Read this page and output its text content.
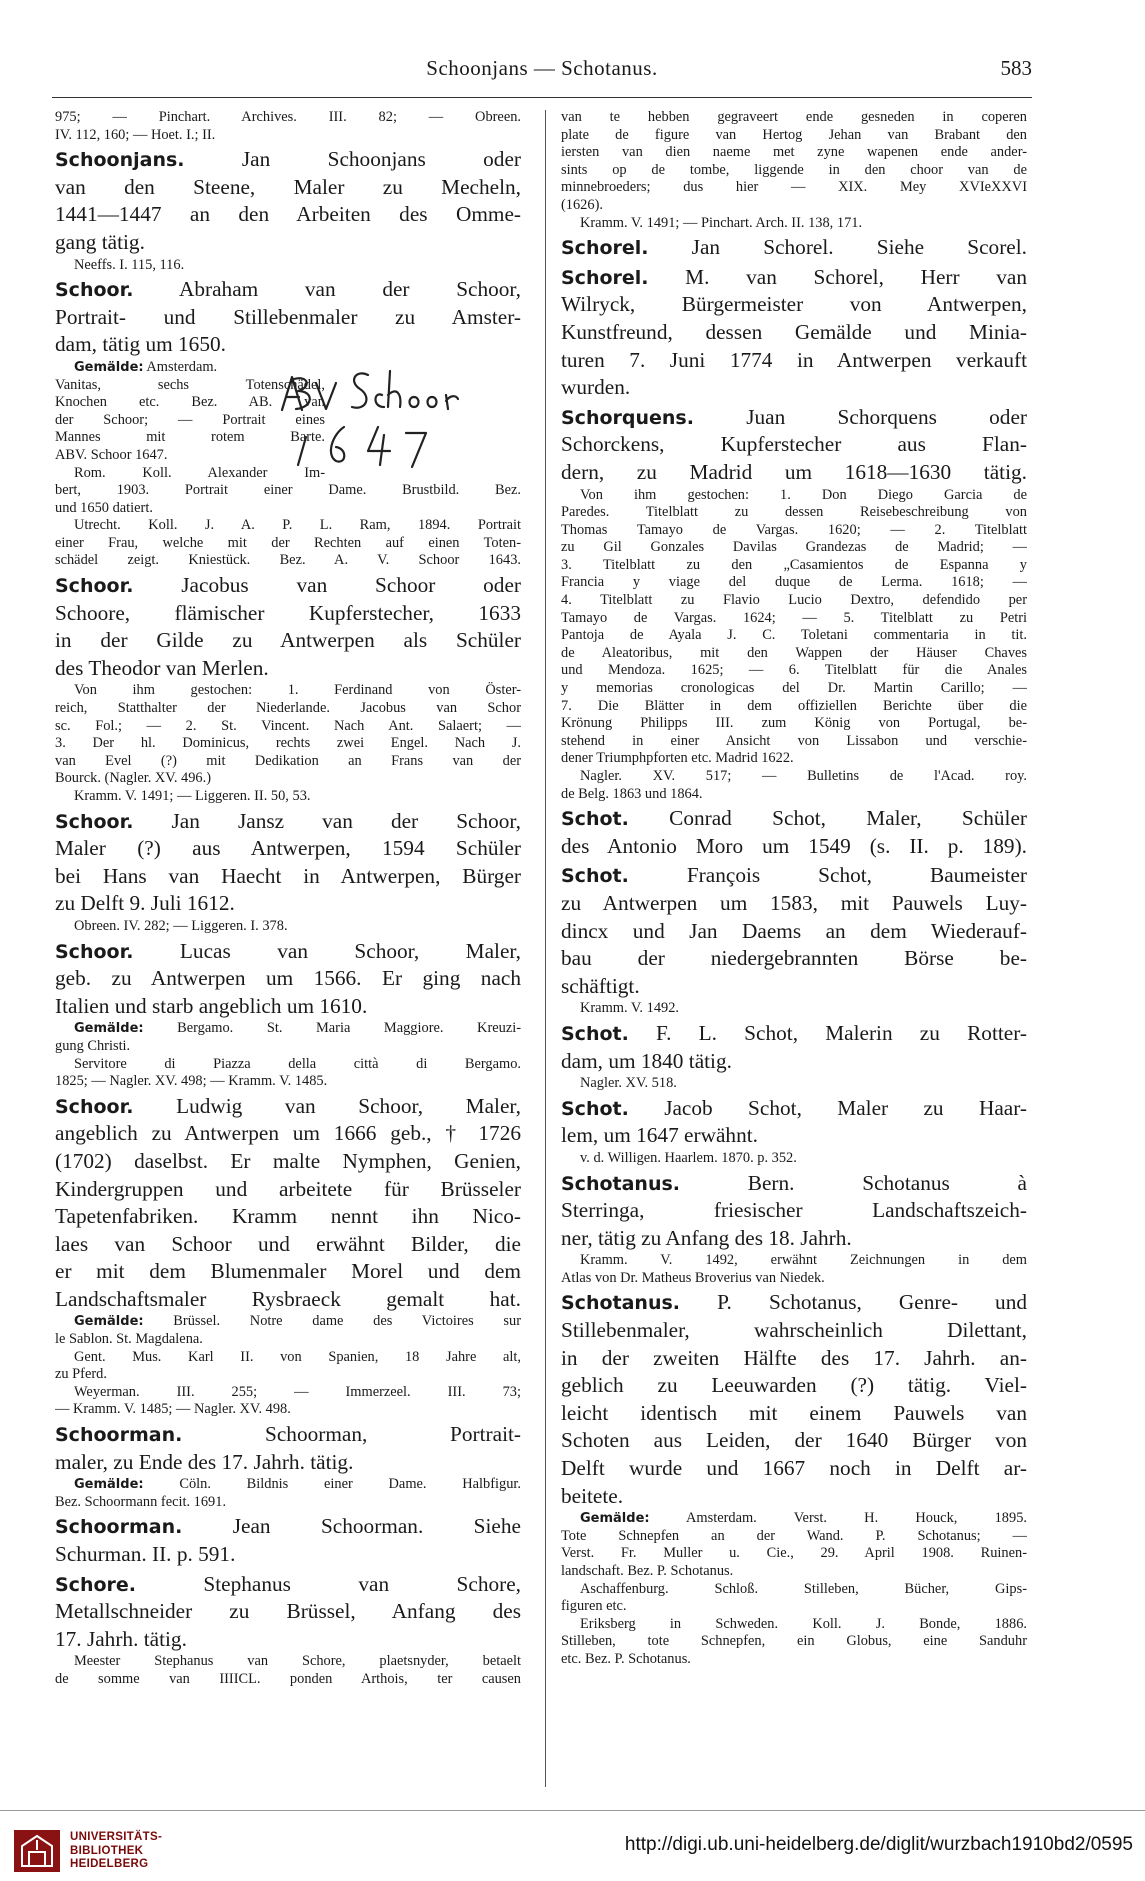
Schoonjans — Schotanus.	583
975; — Pinchart. Archives. III. 82; — Obreen.
IV. 112, 160; — Hoet. I.; II.
Schoonjans. Jan Schoonjans oder
van den Steene, Maler zu Mecheln,
1441—1447 an den Arbeiten des Omme-
gang tätig.
Neeffs. I. 115, 116.
Schoor. Abraham van der Schoor,
Portrait- und Stillebenmaler zu Amster-
dam, tätig um 1650.
Gemälde: Amsterdam.
Vanitas, sechs Totenschädel,
Knochen etc. Bez. AB. van
der Schoor; — Portrait eines
Mannes mit rotem Barte.
ABV. Schoor 1647.
Rom. Koll. Alexander Im-
bert, 1903. Portrait einer Dame. Brustbild. Bez.
und 1650 datiert.
Utrecht. Koll. J. A. P. L. Ram, 1894. Portrait
einer Frau, welche mit der Rechten auf einen Toten-
schädel zeigt. Kniestück. Bez. A. V. Schoor 1643.
Schoor. Jacobus van Schoor oder
Schoore, flämischer Kupferstecher, 1633
in der Gilde zu Antwerpen als Schüler
des Theodor van Merlen.
Von ihm gestochen: 1. Ferdinand von Öster-
reich, Statthalter der Niederlande. Jacobus van Schor
sc. Fol.; — 2. St. Vincent. Nach Ant. Salaert; —
3. Der hl. Dominicus, rechts zwei Engel. Nach J.
van Evel (?) mit Dedikation an Frans van der
Bourck. (Nagler. XV. 496.)
Kramm. V. 1491; — Liggeren. II. 50, 53.
Schoor. Jan Jansz van der Schoor,
Maler (?) aus Antwerpen, 1594 Schüler
bei Hans van Haecht in Antwerpen, Bürger
zu Delft 9. Juli 1612.
Obreen. IV. 282; — Liggeren. I. 378.
Schoor. Lucas van Schoor, Maler,
geb. zu Antwerpen um 1566. Er ging nach
Italien und starb angeblich um 1610.
Gemälde: Bergamo. St. Maria Maggiore. Kreuzi-
gung Christi.
Servitore di Piazza della città di Bergamo.
1825; — Nagler. XV. 498; — Kramm. V. 1485.
Schoor. Ludwig van Schoor, Maler,
angeblich zu Antwerpen um 1666 geb., † 1726
(1702) daselbst. Er malte Nymphen, Genien,
Kindergruppen und arbeitete für Brüsseler
Tapetenfabriken. Kramm nennt ihn Nico-
laes van Schoor und erwähnt Bilder, die
er mit dem Blumenmaler Morel und dem
Landschaftsmaler Rysbraeck gemalt hat.
Gemälde: Brüssel. Notre dame des Victoires sur
le Sablon. St. Magdalena.
Gent. Mus. Karl II. von Spanien, 18 Jahre alt,
zu Pferd.
Weyerman. III. 255; — Immerzeel. III. 73;
— Kramm. V. 1485; — Nagler. XV. 498.
Schoorman. Schoorman, Portrait-
maler, zu Ende des 17. Jahrh. tätig.
Gemälde: Cöln. Bildnis einer Dame. Halbfigur.
Bez. Schoormann fecit. 1691.
Schoorman. Jean Schoorman. Siehe
Schurman. II. p. 591.
Schore. Stephanus van Schore,
Metallschneider zu Brüssel, Anfang des
17. Jahrh. tätig.
Meester Stephanus van Schore, plaetsnyder, betaelt
de somme van IIIICL. ponden Arthois, ter causen
van te hebben gegraveert ende gesneden in coperen
plate de figure van Hertog Jehan van Brabant den
iersten van dien naeme met zyne wapenen ende ander-
sints op de tombe, liggende in den choor van de
minnebroeders; dus hier — XIX. Mey XVIeXXVI
(1626).
Kramm. V. 1491; — Pinchart. Arch. II. 138, 171.
Schorel. Jan Schorel. Siehe Scorel.
Schorel. M. van Schorel, Herr van
Wilryck, Bürgermeister von Antwerpen,
Kunstfreund, dessen Gemälde und Minia-
turen 7. Juni 1774 in Antwerpen verkauft
wurden.
Schorquens. Juan Schorquens oder
Schorckens, Kupferstecher aus Flan-
dern, zu Madrid um 1618—1630 tätig.
Von ihm gestochen: 1. Don Diego Garcia de
Paredes. Titelblatt zu dessen Reisebeschreibung von
Thomas Tamayo de Vargas. 1620; — 2. Titelblatt
zu Gil Gonzales Davilas Grandezas de Madrid; —
3. Titelblatt zu den „Casamientos de Espanna y
Francia y viage del duque de Lerma. 1618; —
4. Titelblatt zu Flavio Lucio Dextro, defendido per
Tamayo de Vargas. 1624; — 5. Titelblatt zu Petri
Pantoja de Ayala J. C. Toletani commentaria in tit.
de Aleatoribus, mit den Wappen der Häuser Chaves
und Mendoza. 1625; — 6. Titelblatt für die Anales
y memorias cronologicas del Dr. Martin Carillo; —
7. Die Blätter in dem offiziellen Berichte über die
Krönung Philipps III. zum König von Portugal, be-
stehend in einer Ansicht von Lissabon und verschie-
dener Triumphpforten etc. Madrid 1622.
Nagler. XV. 517; — Bulletins de l'Acad. roy.
de Belg. 1863 und 1864.
Schot. Conrad Schot, Maler, Schüler
des Antonio Moro um 1549 (s. II. p. 189).
Schot. François Schot, Baumeister
zu Antwerpen um 1583, mit Pauwels Luy-
dincx und Jan Daems an dem Wiederauf-
bau der niedergebrannten Börse be-
schäftigt.
Kramm. V. 1492.
Schot. F. L. Schot, Malerin zu Rotter-
dam, um 1840 tätig.
Nagler. XV. 518.
Schot. Jacob Schot, Maler zu Haar-
lem, um 1647 erwähnt.
v. d. Willigen. Haarlem. 1870. p. 352.
Schotanus. Bern. Schotanus à
Sterringa, friesischer Landschaftszeich-
ner, tätig zu Anfang des 18. Jahrh.
Kramm. V. 1492, erwähnt Zeichnungen in dem
Atlas von Dr. Matheus Broverius van Niedek.
Schotanus. P. Schotanus, Genre- und
Stillebenmaler, wahrscheinlich Dilettant,
in der zweiten Hälfte des 17. Jahrh. an-
geblich zu Leeuwarden (?) tätig. Viel-
leicht identisch mit einem Pauwels van
Schoten aus Leiden, der 1640 Bürger von
Delft wurde und 1667 noch in Delft ar-
beitete.
Gemälde: Amsterdam. Verst. H. Houck, 1895.
Tote Schnepfen an der Wand. P. Schotanus; —
Verst. Fr. Muller u. Cie., 29. April 1908. Ruinen-
landschaft. Bez. P. Schotanus.
Aschaffenburg. Schloß. Stilleben, Bücher, Gips-
figuren etc.
Eriksberg in Schweden. Koll. J. Bonde, 1886.
Stilleben, tote Schnepfen, ein Globus, eine Sanduhr
etc. Bez. P. Schotanus.
UNIVERSITÄTS-
BIBLIOTHEK
HEIDELBERG
http://digi.ub.uni-heidelberg.de/diglit/wurzbach1910bd2/0595
